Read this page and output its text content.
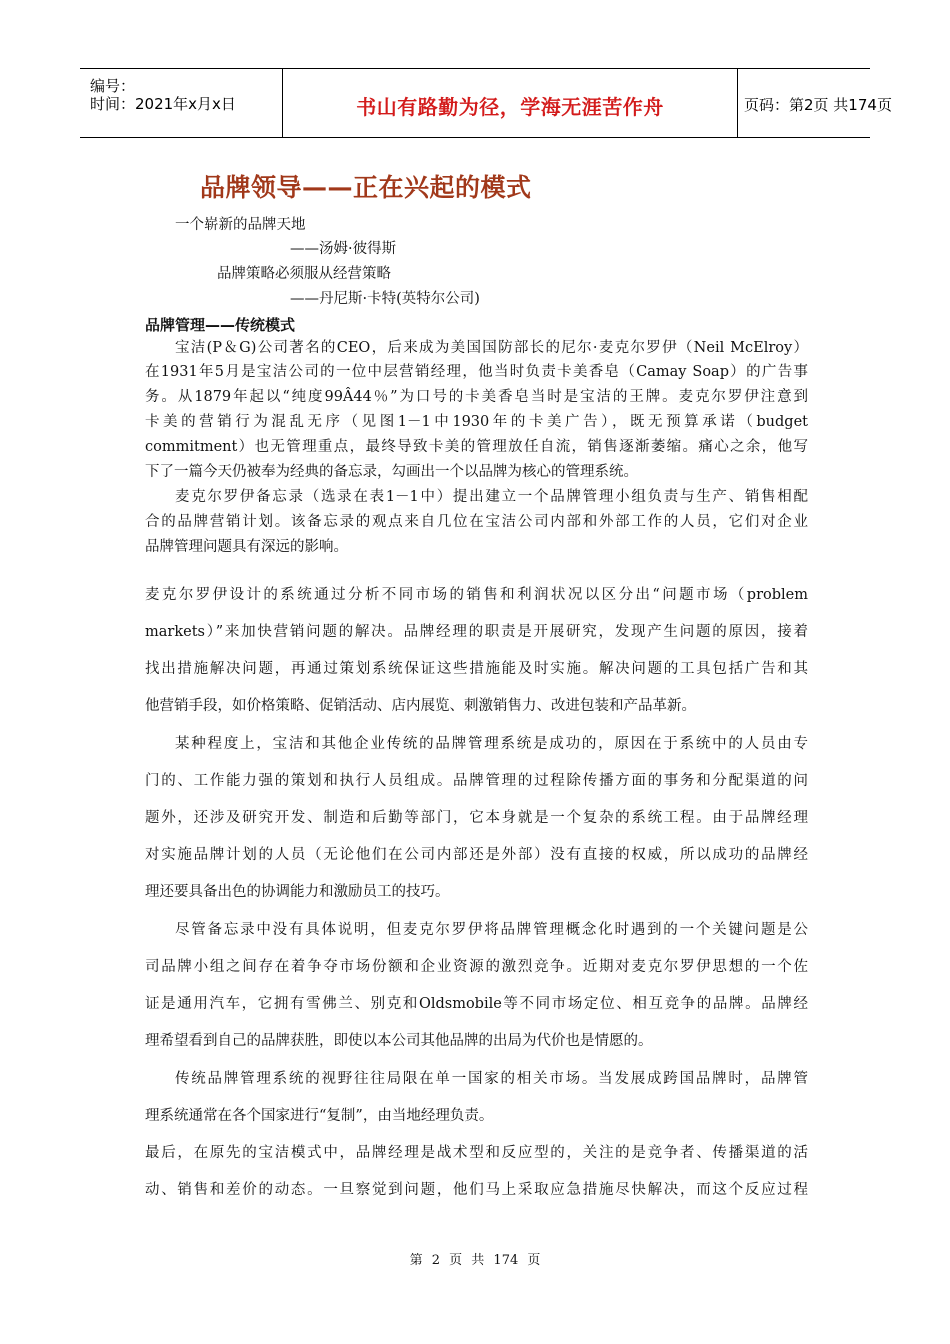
编号：
时间：2021年x月x日	书山有路勤为径，学海无涯苦作舟	页码：第2页 共174页
品牌领导——正在兴起的模式
一个崭新的品牌天地
——汤姆·彼得斯
品牌策略必须服从经营策略
——丹尼斯·卡特(英特尔公司)
品牌管理——传统模式
宝洁(P＆G)公司著名的CEO，后来成为美国国防部长的尼尔·麦克尔罗伊（Neil McElroy）
在1931年5月是宝洁公司的一位中层营销经理，他当时负责卡美香皂（Camay Soap）的广告事
务。从1879年起以“纯度99Â44％”为口号的卡美香皂当时是宝洁的王牌。麦克尔罗伊注意到
卡美的营销行为混乱无序（见图1－1中1930年的卡美广告），既无预算承诺（budget
commitment）也无管理重点，最终导致卡美的管理放任自流，销售逐渐萎缩。痛心之余，他写
下了一篇今天仍被奉为经典的备忘录，勾画出一个以品牌为核心的管理系统。
麦克尔罗伊备忘录（选录在表1－1中）提出建立一个品牌管理小组负责与生产、销售相配
合的品牌营销计划。该备忘录的观点来自几位在宝洁公司内部和外部工作的人员，它们对企业
品牌管理问题具有深远的影响。
麦克尔罗伊设计的系统通过分析不同市场的销售和利润状况以区分出“问题市场（problem
markets）”来加快营销问题的解决。品牌经理的职责是开展研究，发现产生问题的原因，接着
找出措施解决问题，再通过策划系统保证这些措施能及时实施。解决问题的工具包括广告和其
他营销手段，如价格策略、促销活动、店内展览、刺激销售力、改进包装和产品革新。
某种程度上，宝洁和其他企业传统的品牌管理系统是成功的，原因在于系统中的人员由专
门的、工作能力强的策划和执行人员组成。品牌管理的过程除传播方面的事务和分配渠道的问
题外，还涉及研究开发、制造和后勤等部门，它本身就是一个复杂的系统工程。由于品牌经理
对实施品牌计划的人员（无论他们在公司内部还是外部）没有直接的权威，所以成功的品牌经
理还要具备出色的协调能力和激励员工的技巧。
尽管备忘录中没有具体说明，但麦克尔罗伊将品牌管理概念化时遇到的一个关键问题是公
司品牌小组之间存在着争夺市场份额和企业资源的激烈竞争。近期对麦克尔罗伊思想的一个佐
证是通用汽车，它拥有雪佛兰、别克和Oldsmobile等不同市场定位、相互竞争的品牌。品牌经
理希望看到自己的品牌获胜，即使以本公司其他品牌的出局为代价也是情愿的。
传统品牌管理系统的视野往往局限在单一国家的相关市场。当发展成跨国品牌时，品牌管
理系统通常在各个国家进行“复制”，由当地经理负责。
最后，在原先的宝洁模式中，品牌经理是战术型和反应型的，关注的是竞争者、传播渠道的活
动、销售和差价的动态。一旦察觉到问题，他们马上采取应急措施尽快解决，而这个反应过程
第 2 页 共 174 页
